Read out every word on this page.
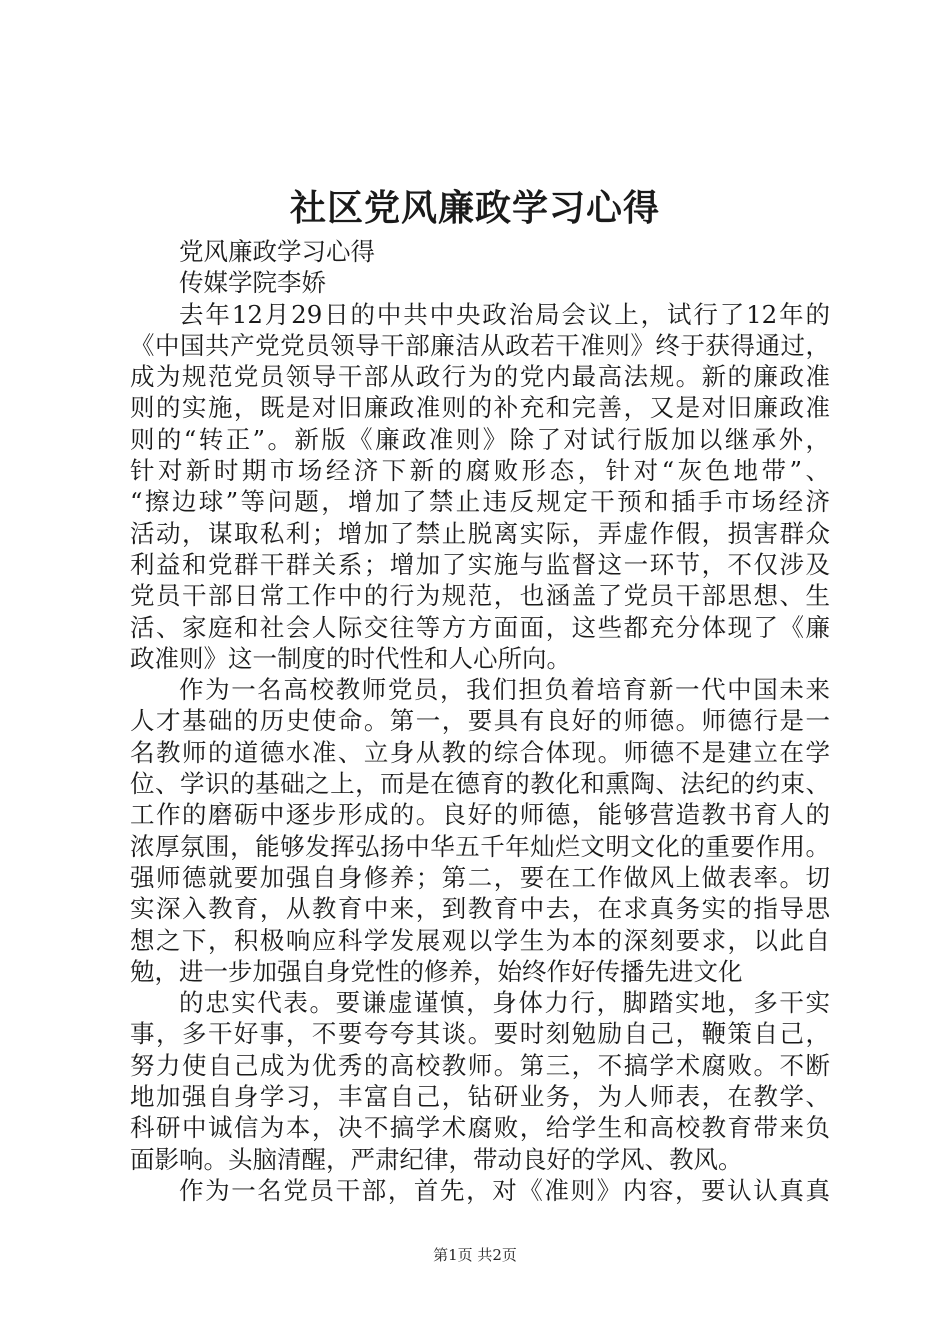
社区党风廉政学习心得
党风廉政学习心得
传媒学院李娇
去年12月29日的中共中央政治局会议上，试行了12年的
《中国共产党党员领导干部廉洁从政若干准则》终于获得通过，
成为规范党员领导干部从政行为的党内最高法规。新的廉政准
则的实施，既是对旧廉政准则的补充和完善，又是对旧廉政准
则的“转正”。新版《廉政准则》除了对试行版加以继承外，
针对新时期市场经济下新的腐败形态，针对“灰色地带”、
“擦边球”等问题，增加了禁止违反规定干预和插手市场经济
活动，谋取私利；增加了禁止脱离实际，弄虚作假，损害群众
利益和党群干群关系；增加了实施与监督这一环节，不仅涉及
党员干部日常工作中的行为规范，也涵盖了党员干部思想、生
活、家庭和社会人际交往等方方面面，这些都充分体现了《廉
政准则》这一制度的时代性和人心所向。
作为一名高校教师党员，我们担负着培育新一代中国未来
人才基础的历史使命。第一，要具有良好的师德。师德行是一
名教师的道德水准、立身从教的综合体现。师德不是建立在学
位、学识的基础之上，而是在德育的教化和熏陶、法纪的约束、
工作的磨砺中逐步形成的。良好的师德，能够营造教书育人的
浓厚氛围，能够发挥弘扬中华五千年灿烂文明文化的重要作用。
强师德就要加强自身修养；第二，要在工作做风上做表率。切
实深入教育，从教育中来，到教育中去，在求真务实的指导思
想之下，积极响应科学发展观以学生为本的深刻要求，以此自
勉，进一步加强自身党性的修养，始终作好传播先进文化
的忠实代表。要谦虚谨慎，身体力行，脚踏实地，多干实
事，多干好事，不要夸夸其谈。要时刻勉励自己，鞭策自己，
努力使自己成为优秀的高校教师。第三，不搞学术腐败。不断
地加强自身学习，丰富自己，钻研业务，为人师表，在教学、
科研中诚信为本，决不搞学术腐败，给学生和高校教育带来负
面影响。头脑清醒，严肃纪律，带动良好的学风、教风。
作为一名党员干部，首先，对《准则》内容，要认认真真
第1页 共2页
